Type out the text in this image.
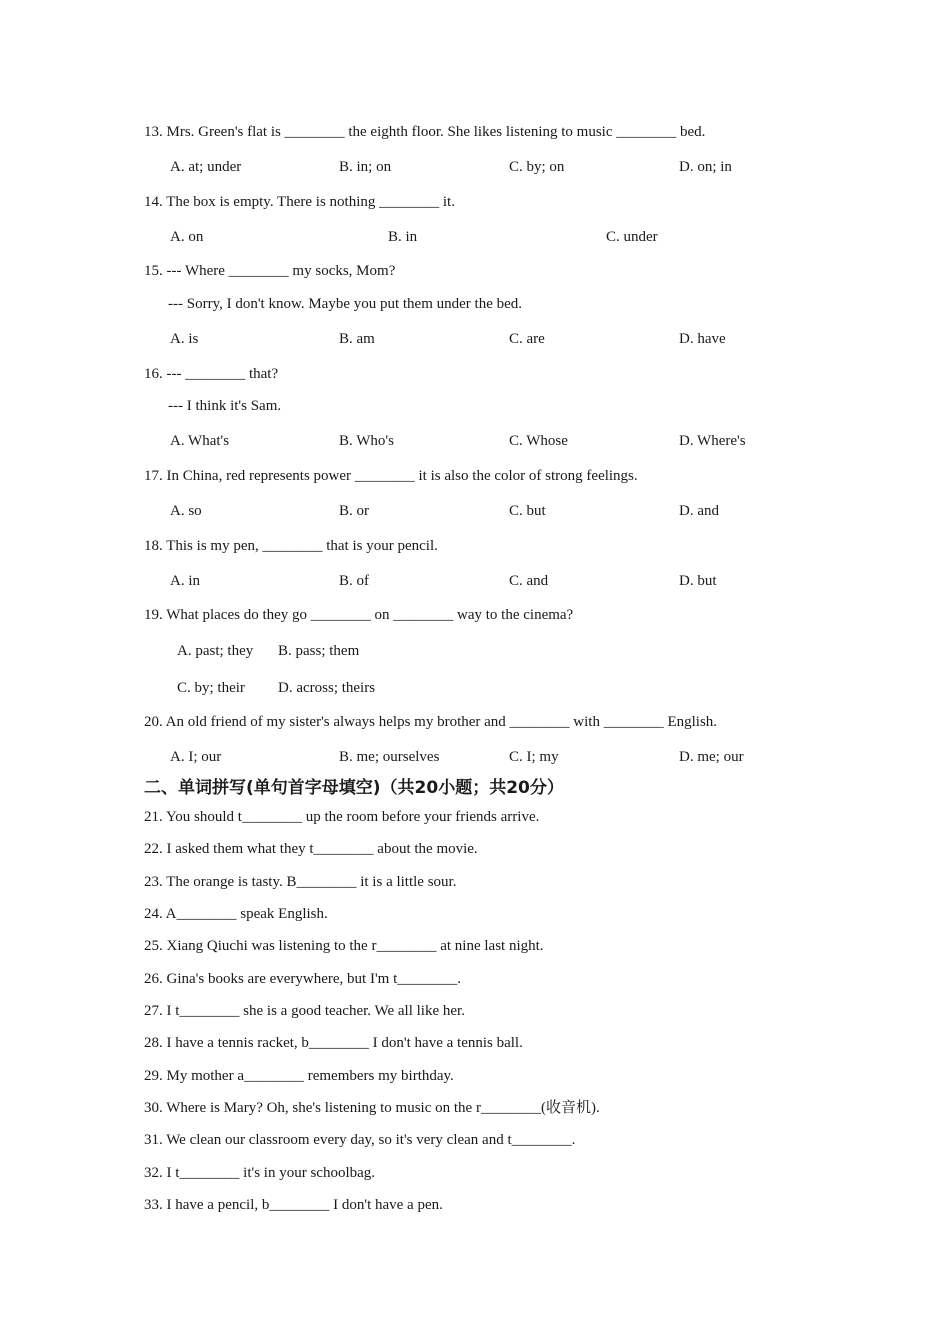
13. Mrs. Green's flat is ________ the eighth floor. She likes listening to music ________ bed.
A. at; under	B. in; on	C. by; on	D. on; in
14. The box is empty. There is nothing ________ it.
A. on	B. in	C. under
15. --- Where ________ my socks, Mom?
--- Sorry, I don't know. Maybe you put them under the bed.
A. is	B. am	C. are	D. have
16. --- ________ that?
--- I think it's Sam.
A. What's	B. Who's	C. Whose	D. Where's
17. In China, red represents power ________ it is also the color of strong feelings.
A. so	B. or	C. but	D. and
18. This is my pen, ________ that is your pencil.
A. in	B. of	C. and	D. but
19. What places do they go ________ on ________ way to the cinema?
A. past; they B. pass; them
C. by; their D. across; theirs
20. An old friend of my sister's always helps my brother and ________ with ________ English.
A. I; our	B. me; ourselves	C. I; my	D. me; our
二、单词拼写(单句首字母填空)（共20小题；共20分）
21. You should t________ up the room before your friends arrive.
22. I asked them what they t________ about the movie.
23. The orange is tasty. B________ it is a little sour.
24. A________ speak English.
25. Xiang Qiuchi was listening to the r________ at nine last night.
26. Gina's books are everywhere, but I'm t________.
27. I t________ she is a good teacher. We all like her.
28. I have a tennis racket, b________ I don't have a tennis ball.
29. My mother a________ remembers my birthday.
30. Where is Mary? Oh, she's listening to music on the r________(收音机).
31. We clean our classroom every day, so it's very clean and t________.
32. I t________ it's in your schoolbag.
33. I have a pencil, b________ I don't have a pen.
